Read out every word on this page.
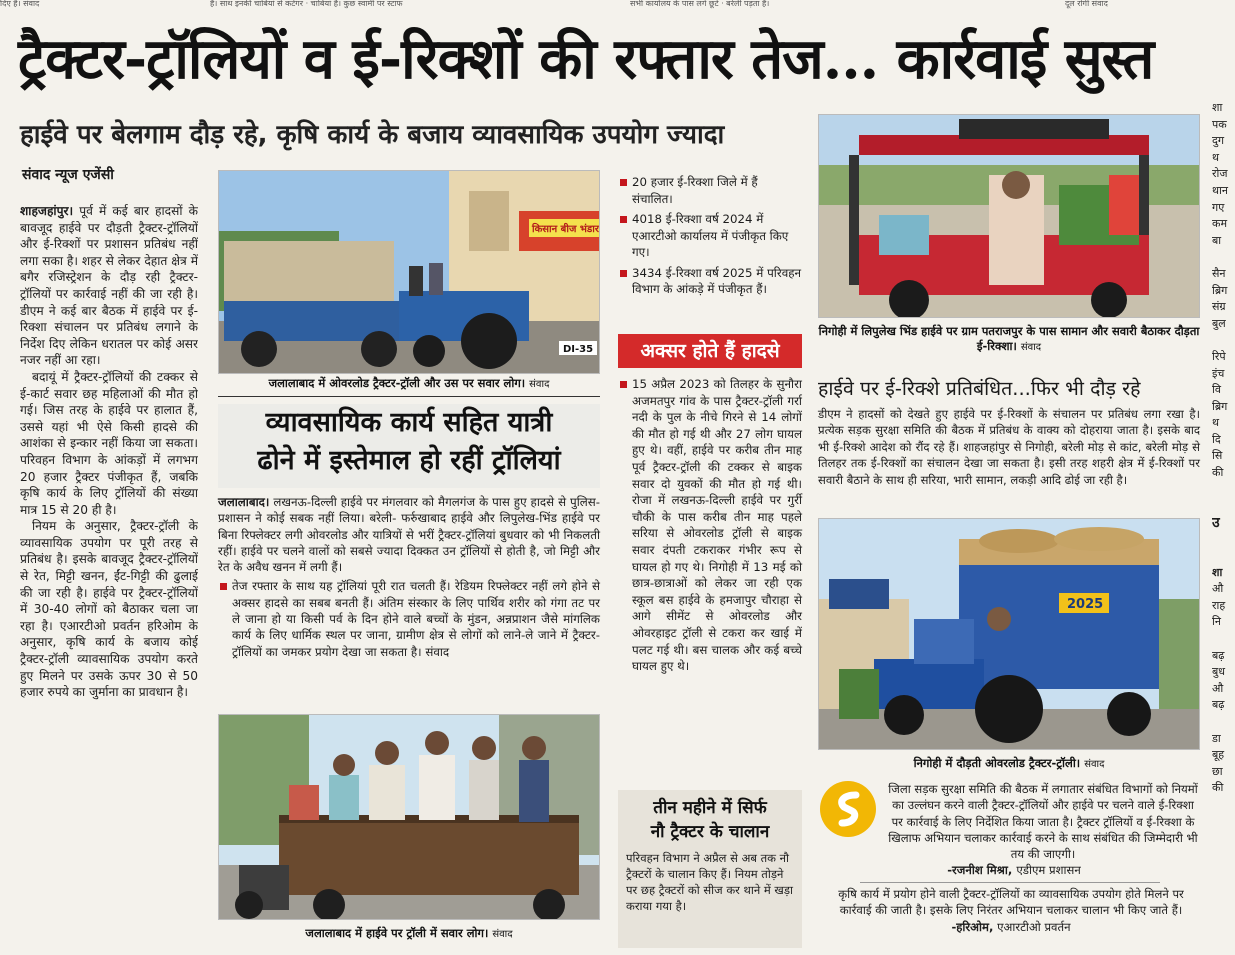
दिए हैं। संवाद	हैं। साथ इनकी चाबियां से कटेंगर · चाबियां हैं। कुछ स्वामी पर स्टाफ	सभी कार्यालय के पास लगे छूटे · बरेली पड़ता है।	दूल रोगी संवाद
ट्रैक्टर-ट्रॉलियों व ई-रिक्शों की रफ्तार तेज... कार्रवाई सुस्त
हाईवे पर बेलगाम दौड़ रहे, कृषि कार्य के बजाय व्यावसायिक उपयोग ज्यादा
संवाद न्यूज एजेंसी

शाहजहांपुर। पूर्व में कई बार हादसों के बावजूद हाईवे पर दौड़ती ट्रैक्टर-ट्रॉलियों और ई-रिक्शों पर प्रशासन प्रतिबंध नहीं लगा सका है। शहर से लेकर देहात क्षेत्र में बगैर रजिस्ट्रेशन के दौड़ रही ट्रैक्टर-ट्रॉलियों पर कार्रवाई नहीं की जा रही है। डीएम ने कई बार बैठक में हाईवे पर ई-रिक्शा संचालन पर प्रतिबंध लगाने के निर्देश दिए लेकिन धरातल पर कोई असर नजर नहीं आ रहा।

बदायूं में ट्रैक्टर-ट्रॉलियों की टक्कर से ई-कार्ट सवार छह महिलाओं की मौत हो गई। जिस तरह के हाईवे पर हालात हैं, उससे यहां भी ऐसे किसी हादसे की आशंका से इन्कार नहीं किया जा सकता। परिवहन विभाग के आंकड़ों में लगभग 20 हजार ट्रैक्टर पंजीकृत हैं, जबकि कृषि कार्य के लिए ट्रॉलियों की संख्या मात्र 15 से 20 ही है।

नियम के अनुसार, ट्रैक्टर-ट्रॉली के व्यावसायिक उपयोग पर पूरी तरह से प्रतिबंध है। इसके बावजूद ट्रैक्टर-ट्रॉलियों से रेत, मिट्टी खनन, ईंट-गिट्टी की ढुलाई की जा रही है। हाईवे पर ट्रैक्टर-ट्रॉलियों में 30-40 लोगों को बैठाकर चला जा रहा है। एआरटीओ प्रवर्तन हरिओम के अनुसार, कृषि कार्य के बजाय कोई ट्रैक्टर-ट्रॉली व्यावसायिक उपयोग करते हुए मिलने पर उसके ऊपर 30 से 50 हजार रुपये का जुर्माना का प्रावधान है।

DI-35
किसान बीज भंडार
जलालाबाद में ओवरलोड ट्रैक्टर-ट्रॉली और उस पर सवार लोग। संवाद
व्यावसायिक कार्य सहित यात्री
ढोने में इस्तेमाल हो रहीं ट्रॉलियां

जलालाबाद। लखनऊ-दिल्ली हाईवे पर मंगलवार को मैगलगंज के पास हुए हादसे से पुलिस-प्रशासन ने कोई सबक नहीं लिया। बरेली- फर्रुखाबाद हाईवे और लिपुलेख-भिंड हाईवे पर बिना रिफ्लेक्टर लगी ओवरलोड और यात्रियों से भरीं ट्रैक्टर-ट्रॉलियां बुधवार को भी निकलती रहीं। हाईवे पर चलने वालों को सबसे ज्यादा दिक्कत उन ट्रॉलियों से होती है, जो मिट्टी और रेत के अवैध खनन में लगी हैं।

तेज रफ्तार के साथ यह ट्रॉलियां पूरी रात चलती हैं। रेडियम रिफ्लेक्टर नहीं लगे होने से अक्सर हादसे का सबब बनती हैं। अंतिम संस्कार के लिए पार्थिव शरीर को गंगा तट पर ले जाना हो या किसी पर्व के दिन होने वाले बच्चों के मुंडन, अन्नप्राशन जैसे मांगलिक कार्य के लिए धार्मिक स्थल पर जाना, ग्रामीण क्षेत्र से लोगों को लाने-ले जाने में ट्रैक्टर-ट्रॉलियों का जमकर प्रयोग देखा जा सकता है। संवाद

जलालाबाद में हाईवे पर ट्रॉली में सवार लोग। संवाद

20 हजार ई-रिक्शा जिले में हैं संचालित।

4018 ई-रिक्शा वर्ष 2024 में एआरटीओ कार्यालय में पंजीकृत किए गए।

3434 ई-रिक्शा वर्ष 2025 में परिवहन विभाग के आंकड़े में पंजीकृत हैं।

अक्सर होते हैं हादसे

15 अप्रैल 2023 को तिलहर के सुनौरा अजमतपुर गांव के पास ट्रैक्टर-ट्रॉली गर्रा नदी के पुल के नीचे गिरने से 14 लोगों की मौत हो गई थी और 27 लोग घायल हुए थे। वहीं, हाईवे पर करीब तीन माह पूर्व ट्रैक्टर-ट्रॉली की टक्कर से बाइक सवार दो युवकों की मौत हो गई थी। रोजा में लखनऊ-दिल्ली हाईवे पर गुर्री चौकी के पास करीब तीन माह पहले सरिया से ओवरलोड ट्रॉली से बाइक सवार दंपती टकराकर गंभीर रूप से घायल हो गए थे। निगोही में 13 मई को छात्र-छात्राओं को लेकर जा रही एक स्कूल बस हाईवे के हमजापुर चौराहा से आगे सीमेंट से ओवरलोड और ओवरहाइट ट्रॉली से टकरा कर खाई में पलट गई थी। बस चालक और कई बच्चे घायल हुए थे।

तीन महीने में सिर्फ
नौ ट्रैक्टर के चालान
परिवहन विभाग ने अप्रैल से अब तक नौ ट्रैक्टरों के चालान किए हैं। नियम तोड़ने पर छह ट्रैक्टरों को सीज कर थाने में खड़ा कराया गया है।
निगोही में लिपुलेख भिंड हाईवे पर ग्राम पतराजपुर के पास सामान और सवारी बैठाकर दौड़ता ई-रिक्शा। संवाद
हाईवे पर ई-रिक्शे प्रतिबंधित...फिर भी दौड़ रहे
डीएम ने हादसों को देखते हुए हाईवे पर ई-रिक्शों के संचालन पर प्रतिबंध लगा रखा है। प्रत्येक सड़क सुरक्षा समिति की बैठक में प्रतिबंध के वाक्य को दोहराया जाता है। इसके बाद भी ई-रिक्शे आदेश को रौंद रहे हैं। शाहजहांपुर से निगोही, बरेली मोड़ से कांट, बरेली मोड़ से तिलहर तक ई-रिक्शों का संचालन देखा जा सकता है। इसी तरह शहरी क्षेत्र में ई-रिक्शों पर सवारी बैठाने के साथ ही सरिया, भारी सामान, लकड़ी आदि ढोई जा रही है।
2025
निगोही में दौड़ती ओवरलोड ट्रैक्टर-ट्रॉली। संवाद

जिला सड़क सुरक्षा समिति की बैठक में लगातार संबंधित विभागों को नियमों का उल्लंघन करने वाली ट्रैक्टर-ट्रॉलियों और हाईवे पर चलने वाले ई-रिक्शा पर कार्रवाई के लिए निर्देशित किया जाता है। ट्रैक्टर ट्रॉलियों व ई-रिक्शा के खिलाफ अभियान चलाकर कार्रवाई करने के साथ संबंधित की जिम्मेदारी भी तय की जाएगी।

-रजनीश मिश्रा, एडीएम प्रशासन

कृषि कार्य में प्रयोग होने वाली ट्रैक्टर-ट्रॉलियों का व्यावसायिक उपयोग होते मिलने पर कार्रवाई की जाती है। इसके लिए निरंतर अभियान चलाकर चालान भी किए जाते हैं। -हरिओम, एआरटीओ प्रवर्तन

शा
पक
दुग
थ
रोज
थान
गए
कम
बा

सैन
ब्रिग
संग्र
बुल

रिपे
इंच
वि
ब्रिग
थ
दि
सि
की

उ

शा
औ
राह
नि

बढ़
बुध
औ
बढ़

डा
बूह
छा
की
